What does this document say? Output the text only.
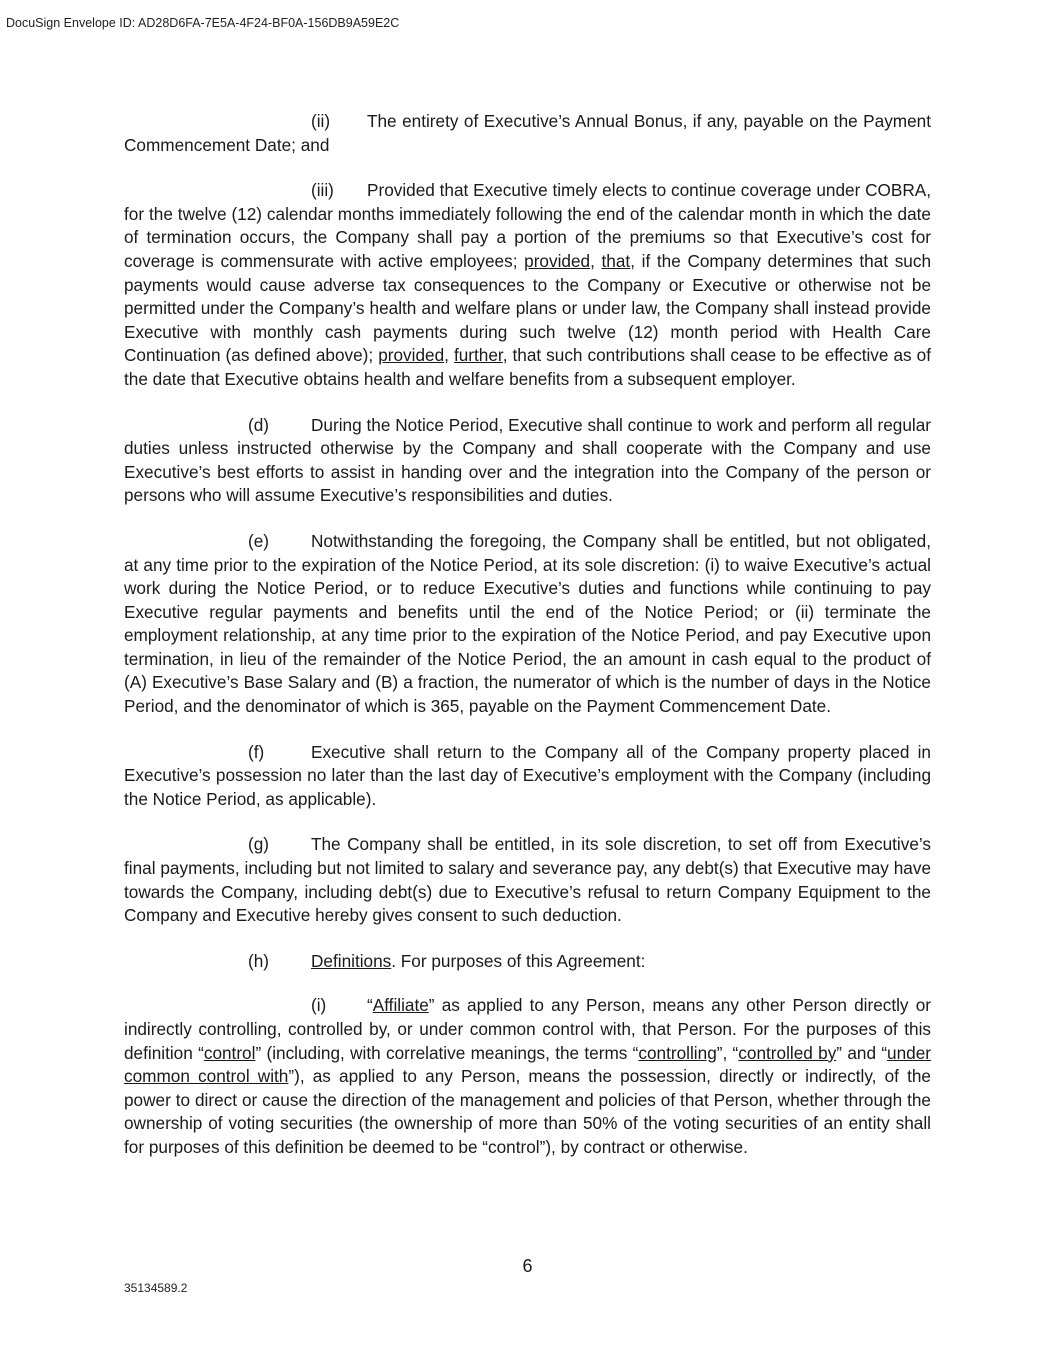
DocuSign Envelope ID: AD28D6FA-7E5A-4F24-BF0A-156DB9A59E2C

(ii) The entirety of Executive’s Annual Bonus, if any, payable on the Payment Commencement Date; and

(iii) Provided that Executive timely elects to continue coverage under COBRA, for the twelve (12) calendar months immediately following the end of the calendar month in which the date of termination occurs, the Company shall pay a portion of the premiums so that Executive’s cost for coverage is commensurate with active employees; provided, that, if the Company determines that such payments would cause adverse tax consequences to the Company or Executive or otherwise not be permitted under the Company’s health and welfare plans or under law, the Company shall instead provide Executive with monthly cash payments during such twelve (12) month period with Health Care Continuation (as defined above); provided, further, that such contributions shall cease to be effective as of the date that Executive obtains health and welfare benefits from a subsequent employer.

(d) During the Notice Period, Executive shall continue to work and perform all regular duties unless instructed otherwise by the Company and shall cooperate with the Company and use Executive’s best efforts to assist in handing over and the integration into the Company of the person or persons who will assume Executive’s responsibilities and duties.

(e) Notwithstanding the foregoing, the Company shall be entitled, but not obligated, at any time prior to the expiration of the Notice Period, at its sole discretion: (i) to waive Executive’s actual work during the Notice Period, or to reduce Executive’s duties and functions while continuing to pay Executive regular payments and benefits until the end of the Notice Period; or (ii) terminate the employment relationship, at any time prior to the expiration of the Notice Period, and pay Executive upon termination, in lieu of the remainder of the Notice Period, the an amount in cash equal to the product of (A) Executive’s Base Salary and (B) a fraction, the numerator of which is the number of days in the Notice Period, and the denominator of which is 365, payable on the Payment Commencement Date.

(f)	Executive shall return to the Company all of the Company property placed in Executive’s possession no later than the last day of Executive’s employment with the Company (including the Notice Period, as applicable).

(g) The Company shall be entitled, in its sole discretion, to set off from Executive’s final payments, including but not limited to salary and severance pay, any debt(s) that Executive may have towards the Company, including debt(s) due to Executive’s refusal to return Company Equipment to the Company and Executive hereby gives consent to such deduction.

(h) Definitions. For purposes of this Agreement:

(i) “Affiliate” as applied to any Person, means any other Person directly or indirectly controlling, controlled by, or under common control with, that Person. For the purposes of this definition “control” (including, with correlative meanings, the terms “controlling”, “controlled by” and “under common control with”), as applied to any Person, means the possession, directly or indirectly, of the power to direct or cause the direction of the management and policies of that Person, whether through the ownership of voting securities (the ownership of more than 50% of the voting securities of an entity shall for purposes of this definition be deemed to be “control”), by contract or otherwise.

6
35134589.2
